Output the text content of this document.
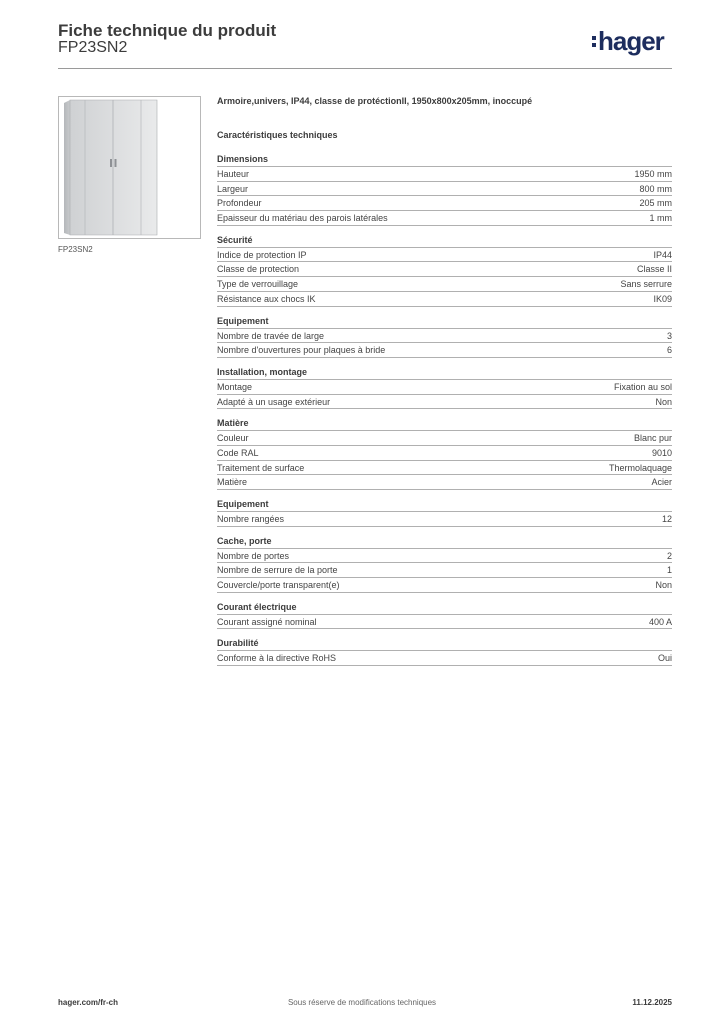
Fiche technique du produit
FP23SN2	hager
FP23SN2
Armoire,univers, IP44, classe de protéctionII, 1950x800x205mm, inoccupé
Caractéristiques techniques
Dimensions
Hauteur	1950 mm
Largeur	800 mm
Profondeur	205 mm
Epaisseur du matériau des parois latérales	1 mm
Sécurité
Indice de protection IP	IP44
Classe de protection	Classe II
Type de verrouillage	Sans serrure
Résistance aux chocs IK	IK09
Equipement
Nombre de travée de large	3
Nombre d'ouvertures pour plaques à bride	6
Installation, montage
Montage	Fixation au sol
Adapté à un usage extérieur	Non
Matière
Couleur	Blanc pur
Code RAL	9010
Traitement de surface	Thermolaquage
Matière	Acier
Equipement
Nombre rangées	12
Cache, porte
Nombre de portes	2
Nombre de serrure de la porte	1
Couvercle/porte transparent(e)	Non
Courant électrique
Courant assigné nominal	400 A
Durabilité
Conforme à la directive RoHS	Oui
hager.com/fr-ch	Sous réserve de modifications techniques	11.12.2025
